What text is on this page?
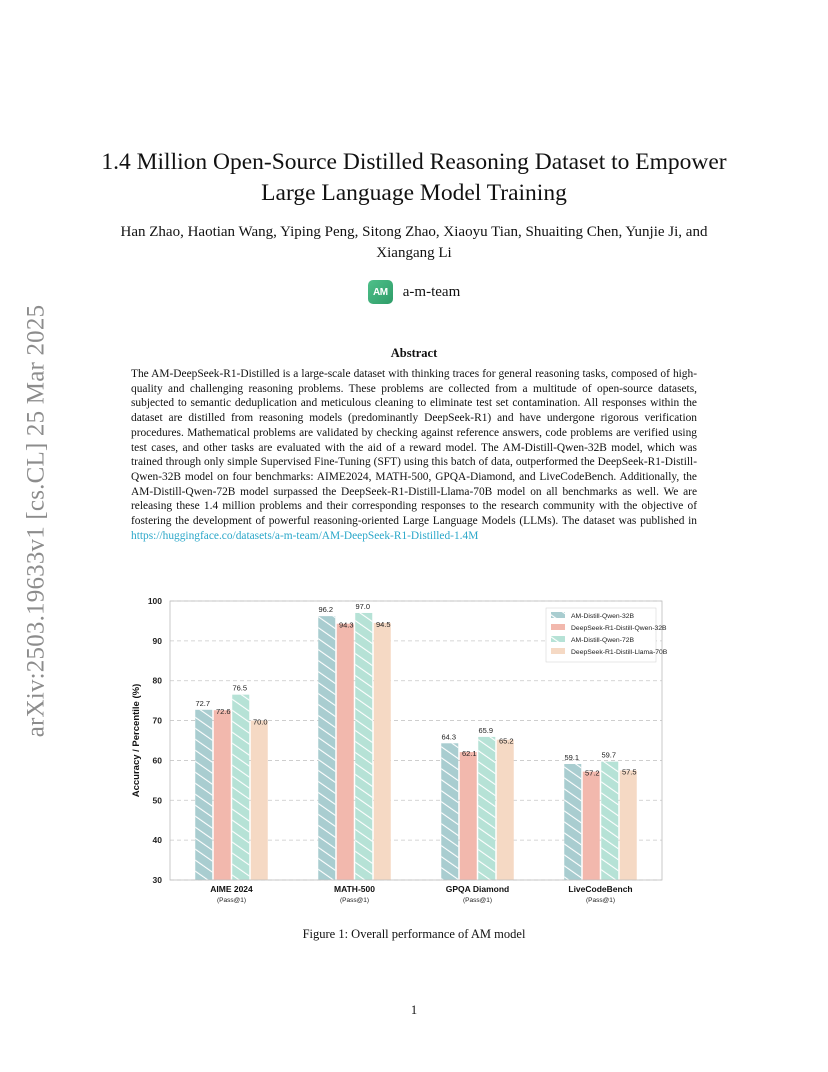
arXiv:2503.19633v1 [cs.CL] 25 Mar 2025
1.4 Million Open-Source Distilled Reasoning Dataset to Empower Large Language Model Training

Han Zhao, Haotian Wang, Yiping Peng, Sitong Zhao, Xiaoyu Tian, Shuaiting Chen, Yunjie Ji, and Xiangang Li

AM	a-m-team
Abstract

The AM-DeepSeek-R1-Distilled is a large-scale dataset with thinking traces for general reasoning tasks, composed of high-quality and challenging reasoning problems. These problems are collected from a multitude of open-source datasets, subjected to semantic deduplication and meticulous cleaning to eliminate test set contamination. All responses within the dataset are distilled from reasoning models (predominantly DeepSeek-R1) and have undergone rigorous verification procedures. Mathematical problems are validated by checking against reference answers, code problems are verified using test cases, and other tasks are evaluated with the aid of a reward model. The AM-Distill-Qwen-32B model, which was trained through only simple Supervised Fine-Tuning (SFT) using this batch of data, outperformed the DeepSeek-R1-Distill-Qwen-32B model on four benchmarks: AIME2024, MATH-500, GPQA-Diamond, and LiveCodeBench. Additionally, the AM-Distill-Qwen-72B model surpassed the DeepSeek-R1-Distill-Llama-70B model on all benchmarks as well. We are releasing these 1.4 million problems and their corresponding responses to the research community with the objective of fostering the development of powerful reasoning-oriented Large Language Models (LLMs). The dataset was published in https://huggingface.co/datasets/a-m-team/AM-DeepSeek-R1-Distilled-1.4M

30
40
50
60
70
80
90
100
Accuracy / Percentile (%)
AIME 2024
(Pass@1)
MATH-500
(Pass@1)
GPQA Diamond
(Pass@1)
LiveCodeBench
(Pass@1)
72.7
72.6
76.5
70.0
96.2
94.3
97.0
94.5
64.3
62.1
65.9
65.2
59.1
57.2
59.7
57.5
AM-Distill-Qwen-32B
DeepSeek-R1-Distill-Qwen-32B
AM-Distill-Qwen-72B
DeepSeek-R1-Distill-Llama-70B

Figure 1: Overall performance of AM model

1
